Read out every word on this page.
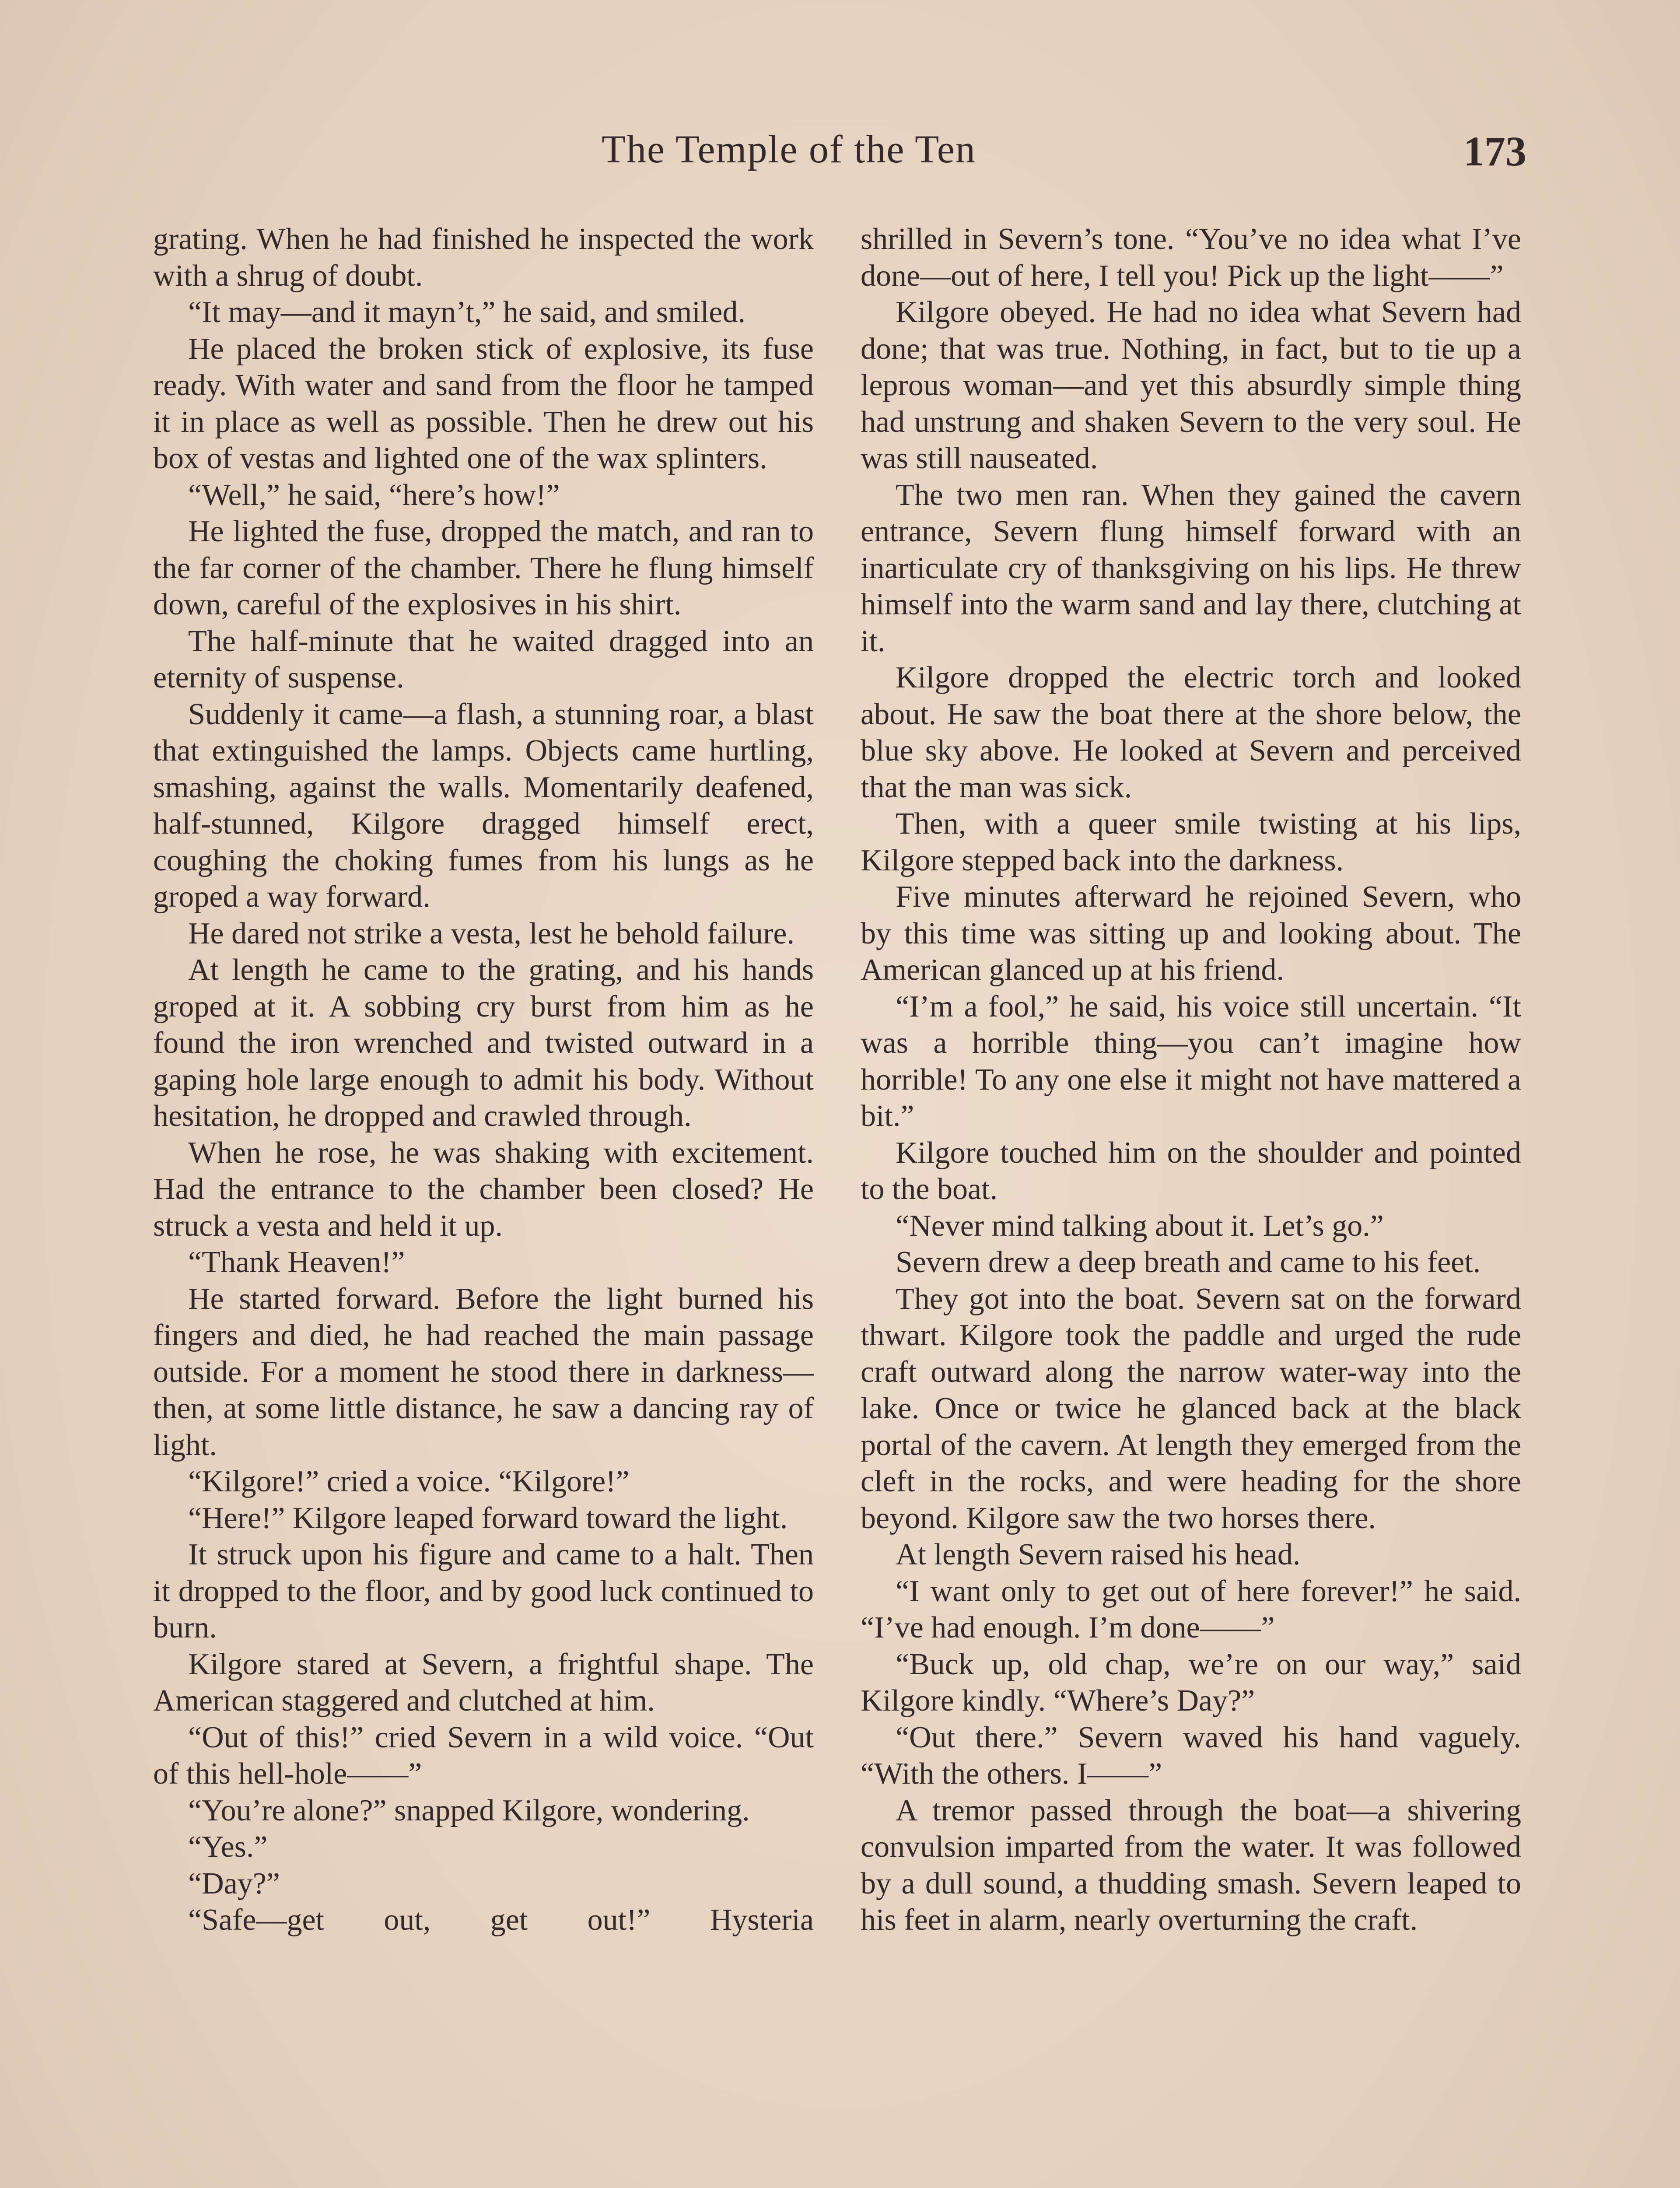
The Temple of the Ten	173

grating. When he had finished he inspected the work with a shrug of doubt.

“It may—and it mayn’t,” he said, and smiled.

He placed the broken stick of explosive, its fuse ready. With water and sand from the floor he tamped it in place as well as possible. Then he drew out his box of vestas and lighted one of the wax splinters.

“Well,” he said, “here’s how!”

He lighted the fuse, dropped the match, and ran to the far corner of the chamber. There he flung himself down, careful of the explosives in his shirt.

The half-minute that he waited dragged into an eternity of suspense.

Suddenly it came—a flash, a stunning roar, a blast that extinguished the lamps. Objects came hurtling, smashing, against the walls. Momentarily deafened, half-stunned, Kilgore dragged himself erect, coughing the choking fumes from his lungs as he groped a way forward.

He dared not strike a vesta, lest he behold failure.

At length he came to the grating, and his hands groped at it. A sobbing cry burst from him as he found the iron wrenched and twisted outward in a gaping hole large enough to admit his body. Without hesitation, he dropped and crawled through.

When he rose, he was shaking with excitement. Had the entrance to the chamber been closed? He struck a vesta and held it up.

“Thank Heaven!”

He started forward. Before the light burned his fingers and died, he had reached the main passage outside. For a moment he stood there in darkness—then, at some little distance, he saw a dancing ray of light.

“Kilgore!” cried a voice. “Kilgore!”

“Here!” Kilgore leaped forward toward the light.

It struck upon his figure and came to a halt. Then it dropped to the floor, and by good luck continued to burn.

Kilgore stared at Severn, a frightful shape. The American staggered and clutched at him.

“Out of this!” cried Severn in a wild voice. “Out of this hell-hole——”

“You’re alone?” snapped Kilgore, wondering.

“Yes.”

“Day?”

“Safe—get out, get out!” Hysteria

shrilled in Severn’s tone. “You’ve no idea what I’ve done—out of here, I tell you! Pick up the light——”

Kilgore obeyed. He had no idea what Severn had done; that was true. Nothing, in fact, but to tie up a leprous woman—and yet this absurdly simple thing had unstrung and shaken Severn to the very soul. He was still nauseated.

The two men ran. When they gained the cavern entrance, Severn flung himself forward with an inarticulate cry of thanksgiving on his lips. He threw himself into the warm sand and lay there, clutching at it.

Kilgore dropped the electric torch and looked about. He saw the boat there at the shore below, the blue sky above. He looked at Severn and perceived that the man was sick.

Then, with a queer smile twisting at his lips, Kilgore stepped back into the darkness.

Five minutes afterward he rejoined Severn, who by this time was sitting up and looking about. The American glanced up at his friend.

“I’m a fool,” he said, his voice still uncertain. “It was a horrible thing—you can’t imagine how horrible! To any one else it might not have mattered a bit.”

Kilgore touched him on the shoulder and pointed to the boat.

“Never mind talking about it. Let’s go.”

Severn drew a deep breath and came to his feet.

They got into the boat. Severn sat on the forward thwart. Kilgore took the paddle and urged the rude craft outward along the narrow water-way into the lake. Once or twice he glanced back at the black portal of the cavern. At length they emerged from the cleft in the rocks, and were heading for the shore beyond. Kilgore saw the two horses there.

At length Severn raised his head.

“I want only to get out of here forever!” he said. “I’ve had enough. I’m done——”

“Buck up, old chap, we’re on our way,” said Kilgore kindly. “Where’s Day?”

“Out there.” Severn waved his hand vaguely. “With the others. I——”

A tremor passed through the boat—a shivering convulsion imparted from the water. It was followed by a dull sound, a thudding smash. Severn leaped to his feet in alarm, nearly overturning the craft.
